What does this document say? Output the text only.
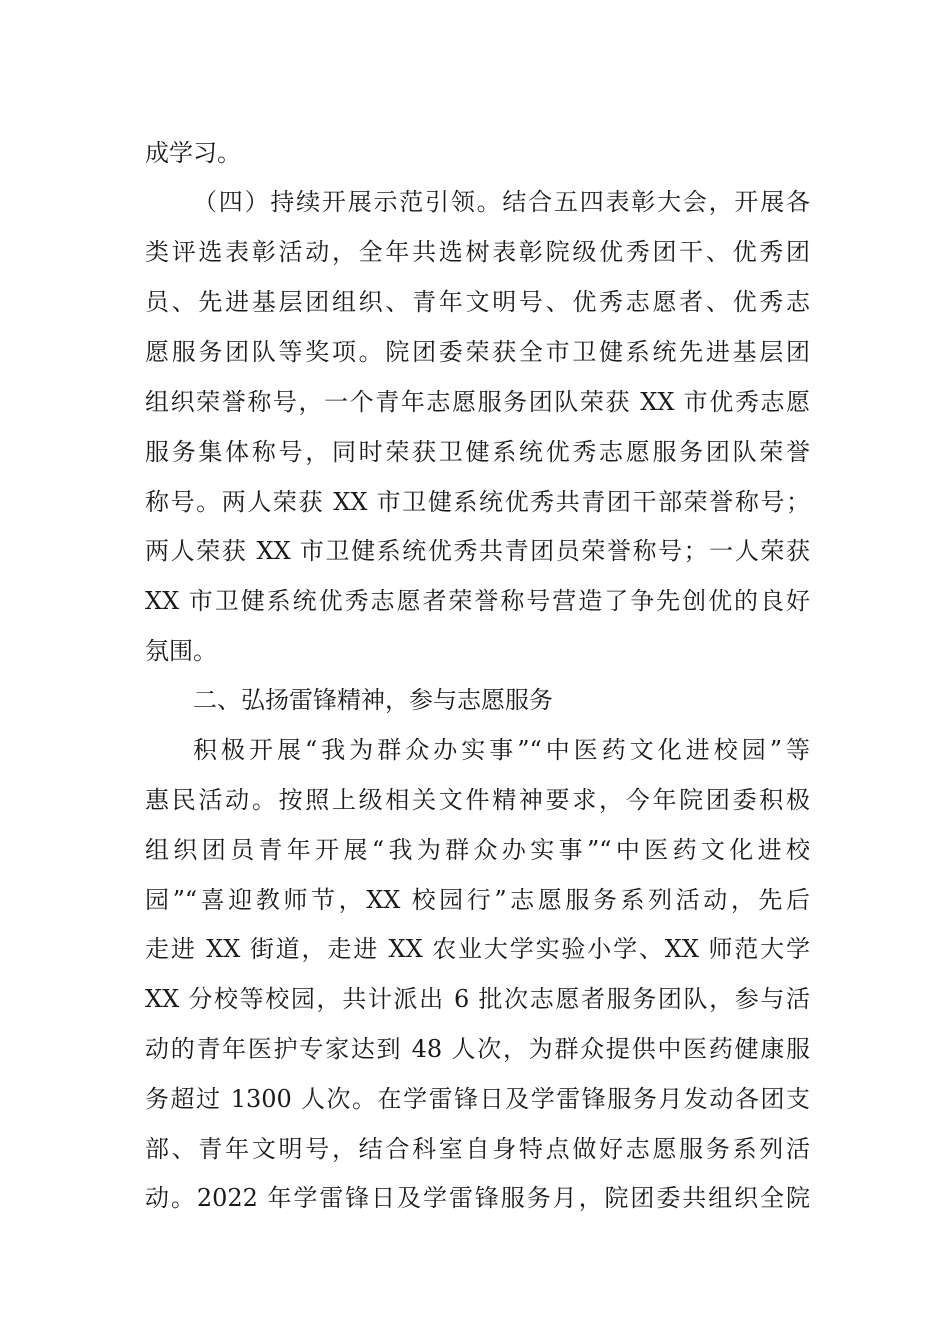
成学习。
（四）持续开展示范引领。结合五四表彰大会，开展各
类评选表彰活动，全年共选树表彰院级优秀团干、优秀团
员、先进基层团组织、青年文明号、优秀志愿者、优秀志
愿服务团队等奖项。院团委荣获全市卫健系统先进基层团
组织荣誉称号，一个青年志愿服务团队荣获 XX 市优秀志愿
服务集体称号，同时荣获卫健系统优秀志愿服务团队荣誉
称号。两人荣获 XX 市卫健系统优秀共青团干部荣誉称号；
两人荣获 XX 市卫健系统优秀共青团员荣誉称号；一人荣获
XX 市卫健系统优秀志愿者荣誉称号营造了争先创优的良好
氛围。
二、弘扬雷锋精神，参与志愿服务
积极开展“我为群众办实事”“中医药文化进校园”等
惠民活动。按照上级相关文件精神要求，今年院团委积极
组织团员青年开展“我为群众办实事”“中医药文化进校
园”“喜迎教师节，XX 校园行”志愿服务系列活动，先后
走进 XX 街道，走进 XX 农业大学实验小学、XX 师范大学
XX 分校等校园，共计派出 6 批次志愿者服务团队，参与活
动的青年医护专家达到 48 人次，为群众提供中医药健康服
务超过 1300 人次。在学雷锋日及学雷锋服务月发动各团支
部、青年文明号，结合科室自身特点做好志愿服务系列活
动。2022 年学雷锋日及学雷锋服务月，院团委共组织全院
